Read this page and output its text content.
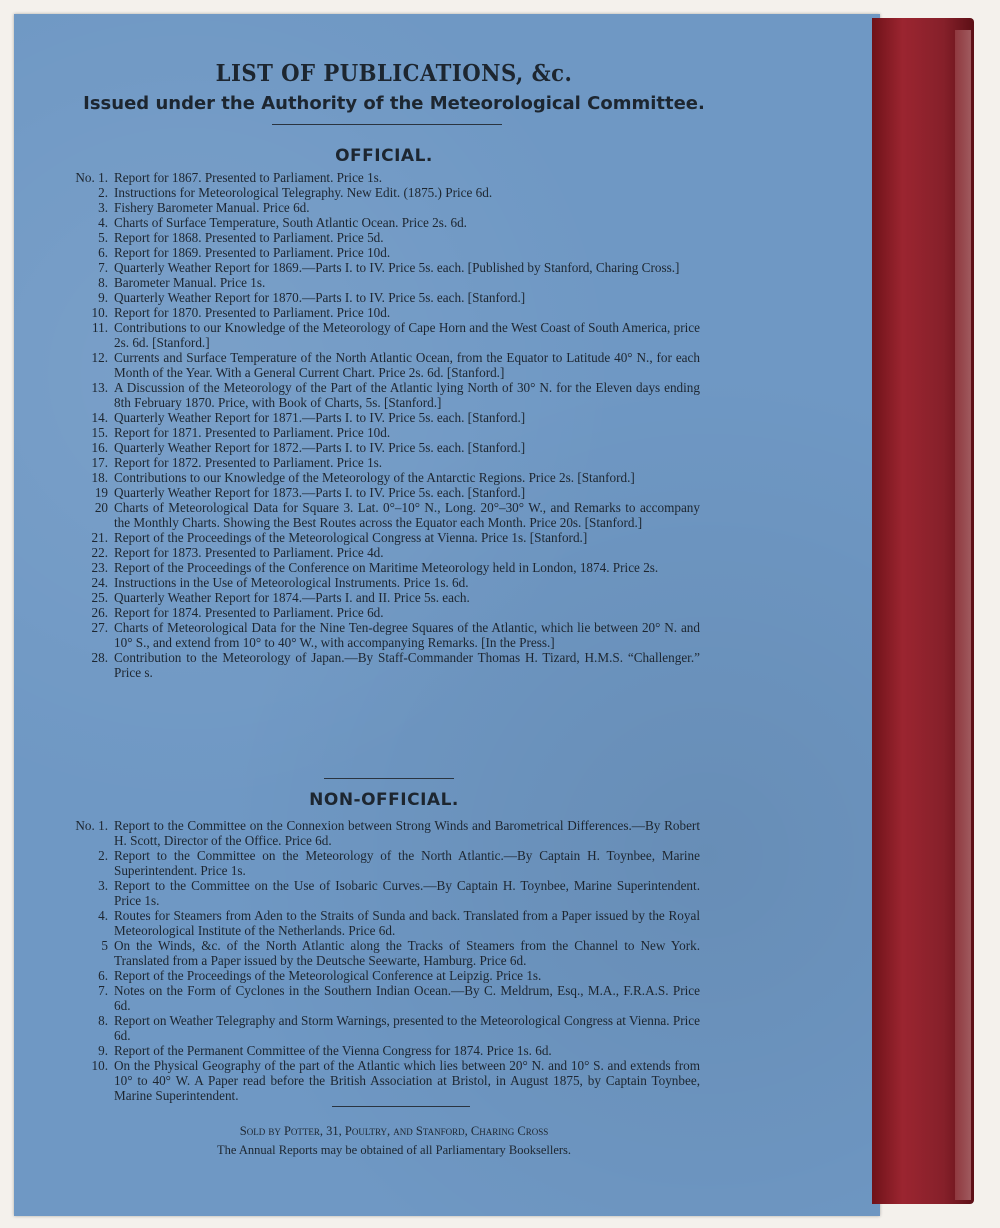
LIST OF PUBLICATIONS, &c.
Issued under the Authority of the Meteorological Committee.
OFFICIAL.
No. 1. Report for 1867. Presented to Parliament. Price 1s.
2. Instructions for Meteorological Telegraphy. New Edit. (1875.) Price 6d.
3. Fishery Barometer Manual. Price 6d.
4. Charts of Surface Temperature, South Atlantic Ocean. Price 2s. 6d.
5. Report for 1868. Presented to Parliament. Price 5d.
6. Report for 1869. Presented to Parliament. Price 10d.
7. Quarterly Weather Report for 1869.—Parts I. to IV. Price 5s. each. [Published by Stanford, Charing Cross.]
8. Barometer Manual. Price 1s.
9. Quarterly Weather Report for 1870.—Parts I. to IV. Price 5s. each. [Stanford.]
10. Report for 1870. Presented to Parliament. Price 10d.
11. Contributions to our Knowledge of the Meteorology of Cape Horn and the West Coast of South America, price 2s. 6d. [Stanford.]
12. Currents and Surface Temperature of the North Atlantic Ocean, from the Equator to Latitude 40° N., for each Month of the Year. With a General Current Chart. Price 2s. 6d. [Stanford.]
13. A Discussion of the Meteorology of the Part of the Atlantic lying North of 30° N. for the Eleven days ending 8th February 1870. Price, with Book of Charts, 5s. [Stanford.]
14. Quarterly Weather Report for 1871.—Parts I. to IV. Price 5s. each. [Stanford.]
15. Report for 1871. Presented to Parliament. Price 10d.
16. Quarterly Weather Report for 1872.—Parts I. to IV. Price 5s. each. [Stanford.]
17. Report for 1872. Presented to Parliament. Price 1s.
18. Contributions to our Knowledge of the Meteorology of the Antarctic Regions. Price 2s. [Stanford.]
19 Quarterly Weather Report for 1873.—Parts I. to IV. Price 5s. each. [Stanford.]
20 Charts of Meteorological Data for Square 3. Lat. 0°–10° N., Long. 20°–30° W., and Remarks to accompany the Monthly Charts. Showing the Best Routes across the Equator each Month. Price 20s. [Stanford.]
21. Report of the Proceedings of the Meteorological Congress at Vienna. Price 1s. [Stanford.]
22. Report for 1873. Presented to Parliament. Price 4d.
23. Report of the Proceedings of the Conference on Maritime Meteorology held in London, 1874. Price 2s.
24. Instructions in the Use of Meteorological Instruments. Price 1s. 6d.
25. Quarterly Weather Report for 1874.—Parts I. and II. Price 5s. each.
26. Report for 1874. Presented to Parliament. Price 6d.
27. Charts of Meteorological Data for the Nine Ten-degree Squares of the Atlantic, which lie between 20° N. and 10° S., and extend from 10° to 40° W., with accompanying Remarks. [In the Press.]
28. Contribution to the Meteorology of Japan.—By Staff-Commander Thomas H. Tizard, H.M.S. “Challenger.” Price s.
NON-OFFICIAL.
No. 1. Report to the Committee on the Connexion between Strong Winds and Barometrical Differences.—By Robert H. Scott, Director of the Office. Price 6d.
2. Report to the Committee on the Meteorology of the North Atlantic.—By Captain H. Toynbee, Marine Superintendent. Price 1s.
3. Report to the Committee on the Use of Isobaric Curves.—By Captain H. Toynbee, Marine Superintendent. Price 1s.
4. Routes for Steamers from Aden to the Straits of Sunda and back. Translated from a Paper issued by the Royal Meteorological Institute of the Netherlands. Price 6d.
5 On the Winds, &c. of the North Atlantic along the Tracks of Steamers from the Channel to New York. Translated from a Paper issued by the Deutsche Seewarte, Hamburg. Price 6d.
6. Report of the Proceedings of the Meteorological Conference at Leipzig. Price 1s.
7. Notes on the Form of Cyclones in the Southern Indian Ocean.—By C. Meldrum, Esq., M.A., F.R.A.S. Price 6d.
8. Report on Weather Telegraphy and Storm Warnings, presented to the Meteorological Congress at Vienna. Price 6d.
9. Report of the Permanent Committee of the Vienna Congress for 1874. Price 1s. 6d.
10. On the Physical Geography of the part of the Atlantic which lies between 20° N. and 10° S. and extends from 10° to 40° W. A Paper read before the British Association at Bristol, in August 1875, by Captain Toynbee, Marine Superintendent.
Sold by Potter, 31, Poultry, and Stanford, Charing Cross
The Annual Reports may be obtained of all Parliamentary Booksellers.
